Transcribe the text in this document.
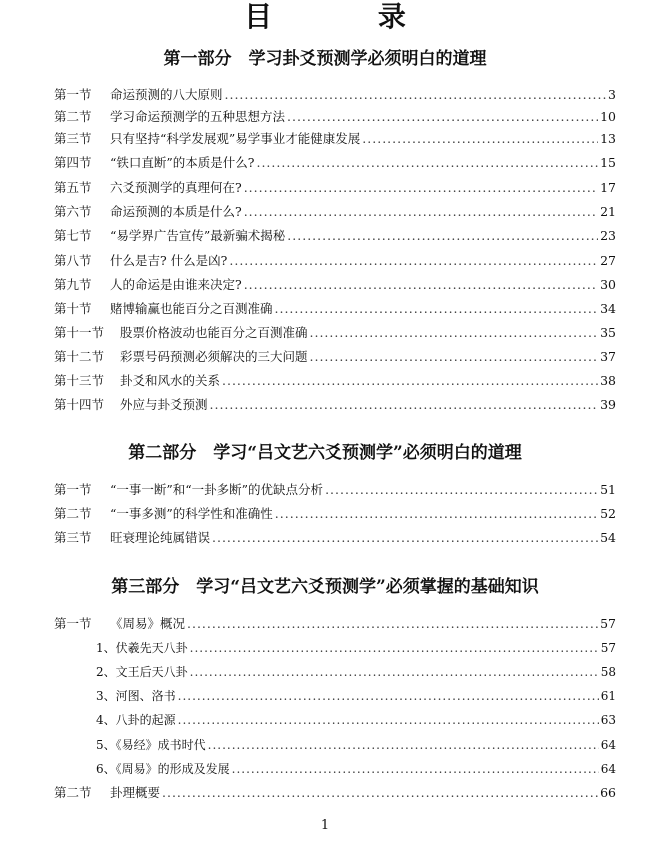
目 录
第一部分　学习卦爻预测学必须明白的道理
第一节	命运预测的八大原则 .....	3
第二节	学习命运预测学的五种思想方法 .....	10
第三节	只有坚持“科学发展观”易学事业才能健康发展 .....	13
第四节	“铁口直断”的本质是什么? .....	15
第五节	六爻预测学的真理何在? .....	17
第六节	命运预测的本质是什么? .....	21
第七节	“易学界广告宣传”最新骗术揭秘 .....	23
第八节	什么是吉? 什么是凶? .....	27
第九节	人的命运是由谁来决定? .....	30
第十节	赌博输赢也能百分之百测准确 .....	34
第十一节	股票价格波动也能百分之百测准确 .....	35
第十二节	彩票号码预测必须解决的三大问题 .....	37
第十三节	卦爻和风水的关系 .....	38
第十四节	外应与卦爻预测 .....	39
第二部分　学习“吕文艺六爻预测学”必须明白的道理
第一节	“一事一断”和“一卦多断”的优缺点分析 .....	51
第二节	“一事多测”的科学性和准确性 .....	52
第三节	旺衰理论纯属错误 .....	54
第三部分　学习“吕文艺六爻预测学”必须掌握的基础知识
第一节	《周易》概况 .....	57
1、伏羲先天八卦 .....	57
2、文王后天八卦 .....	58
3、河图、洛书 .....	61
4、八卦的起源 .....	63
5、《易经》成书时代 .....	64
6、《周易》的形成及发展 .....	64
第二节	卦理概要 .....	66
1
